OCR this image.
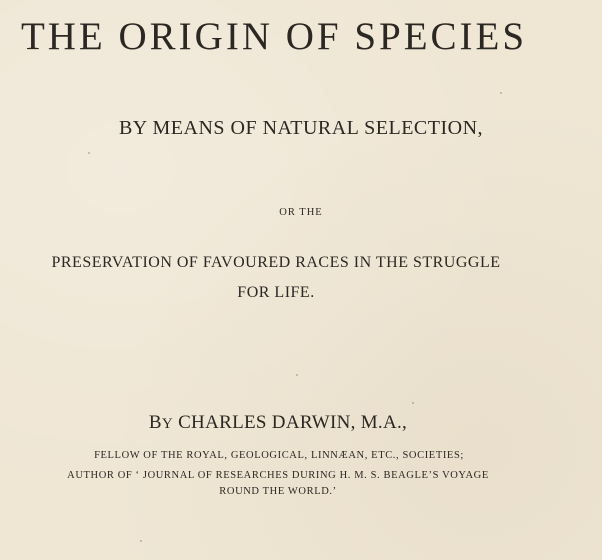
THE ORIGIN OF SPECIES
BY MEANS OF NATURAL SELECTION,
OR THE
PRESERVATION OF FAVOURED RACES IN THE STRUGGLE
FOR LIFE.
BY CHARLES DARWIN, M.A.,
FELLOW OF THE ROYAL, GEOLOGICAL, LINNÆAN, ETC., SOCIETIES;
AUTHOR OF ‘ JOURNAL OF RESEARCHES DURING H. M. S. BEAGLE’S VOYAGE
ROUND THE WORLD.’
